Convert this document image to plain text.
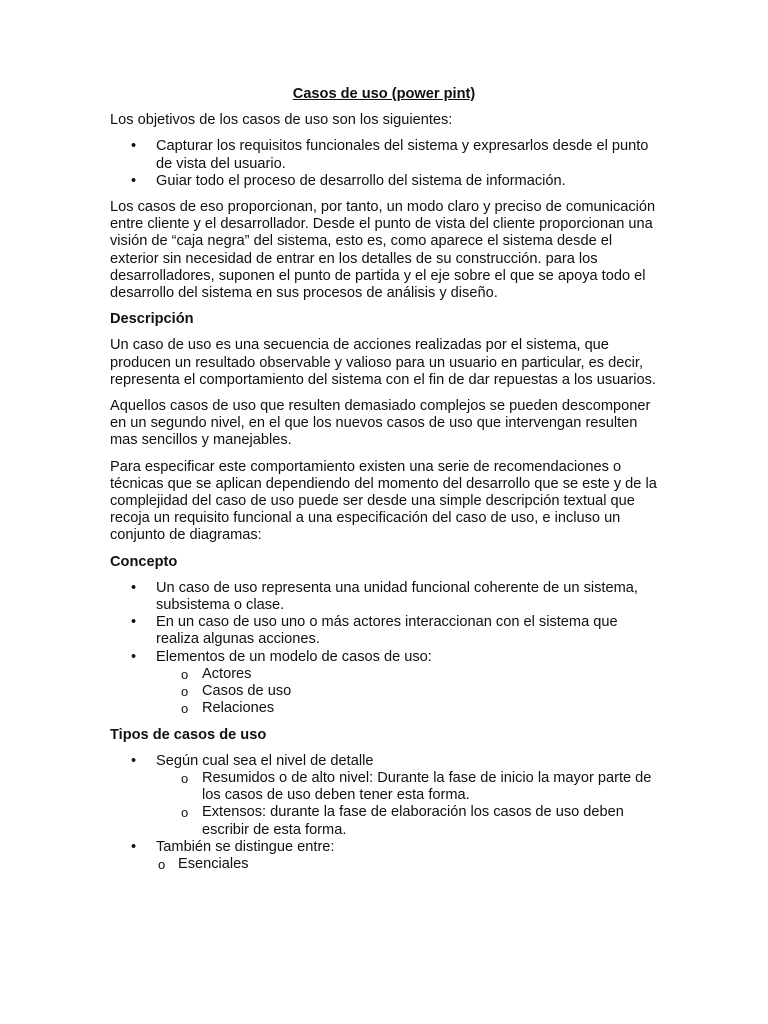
Casos de uso (power pint)

Los objetivos de los casos de uso son los siguientes:

• Capturar los requisitos funcionales del sistema y expresarlos desde el punto de vista del usuario.
• Guiar todo el proceso de desarrollo del sistema de información.

Los casos de eso proporcionan, por tanto, un modo claro y preciso de comunicación entre cliente y el desarrollador. Desde el punto de vista del cliente proporcionan una visión de “caja negra” del sistema, esto es, como aparece el sistema desde el exterior sin necesidad de entrar en los detalles de su construcción. para los desarrolladores, suponen el punto de partida y el eje sobre el que se apoya todo el desarrollo del sistema en sus procesos de análisis y diseño.

Descripción

Un caso de uso es una secuencia de acciones realizadas por el sistema, que producen un resultado observable y valioso para un usuario en particular, es decir, representa el comportamiento del sistema con el fin de dar repuestas a los usuarios.

Aquellos casos de uso que resulten demasiado complejos se pueden descomponer en un segundo nivel, en el que los nuevos casos de uso que intervengan resulten mas sencillos y manejables.

Para especificar este comportamiento existen una serie de recomendaciones o técnicas que se aplican dependiendo del momento del desarrollo que se este y de la complejidad del caso de uso puede ser desde una simple descripción textual que recoja un requisito funcional a una especificación del caso de uso, e incluso un conjunto de diagramas:

Concepto
• Un caso de uso representa una unidad funcional coherente de un sistema, subsistema o clase.
• En un caso de uso uno o más actores interaccionan con el sistema que realiza algunas acciones.
• Elementos de un modelo de casos de uso:
o Actores
o Casos de uso
o Relaciones
Tipos de casos de uso
• Según cual sea el nivel de detalle
o Resumidos o de alto nivel: Durante la fase de inicio la mayor parte de los casos de uso deben tener esta forma.
o Extensos: durante la fase de elaboración los casos de uso deben escribir de esta forma.
• También se distingue entre:
o Esenciales
